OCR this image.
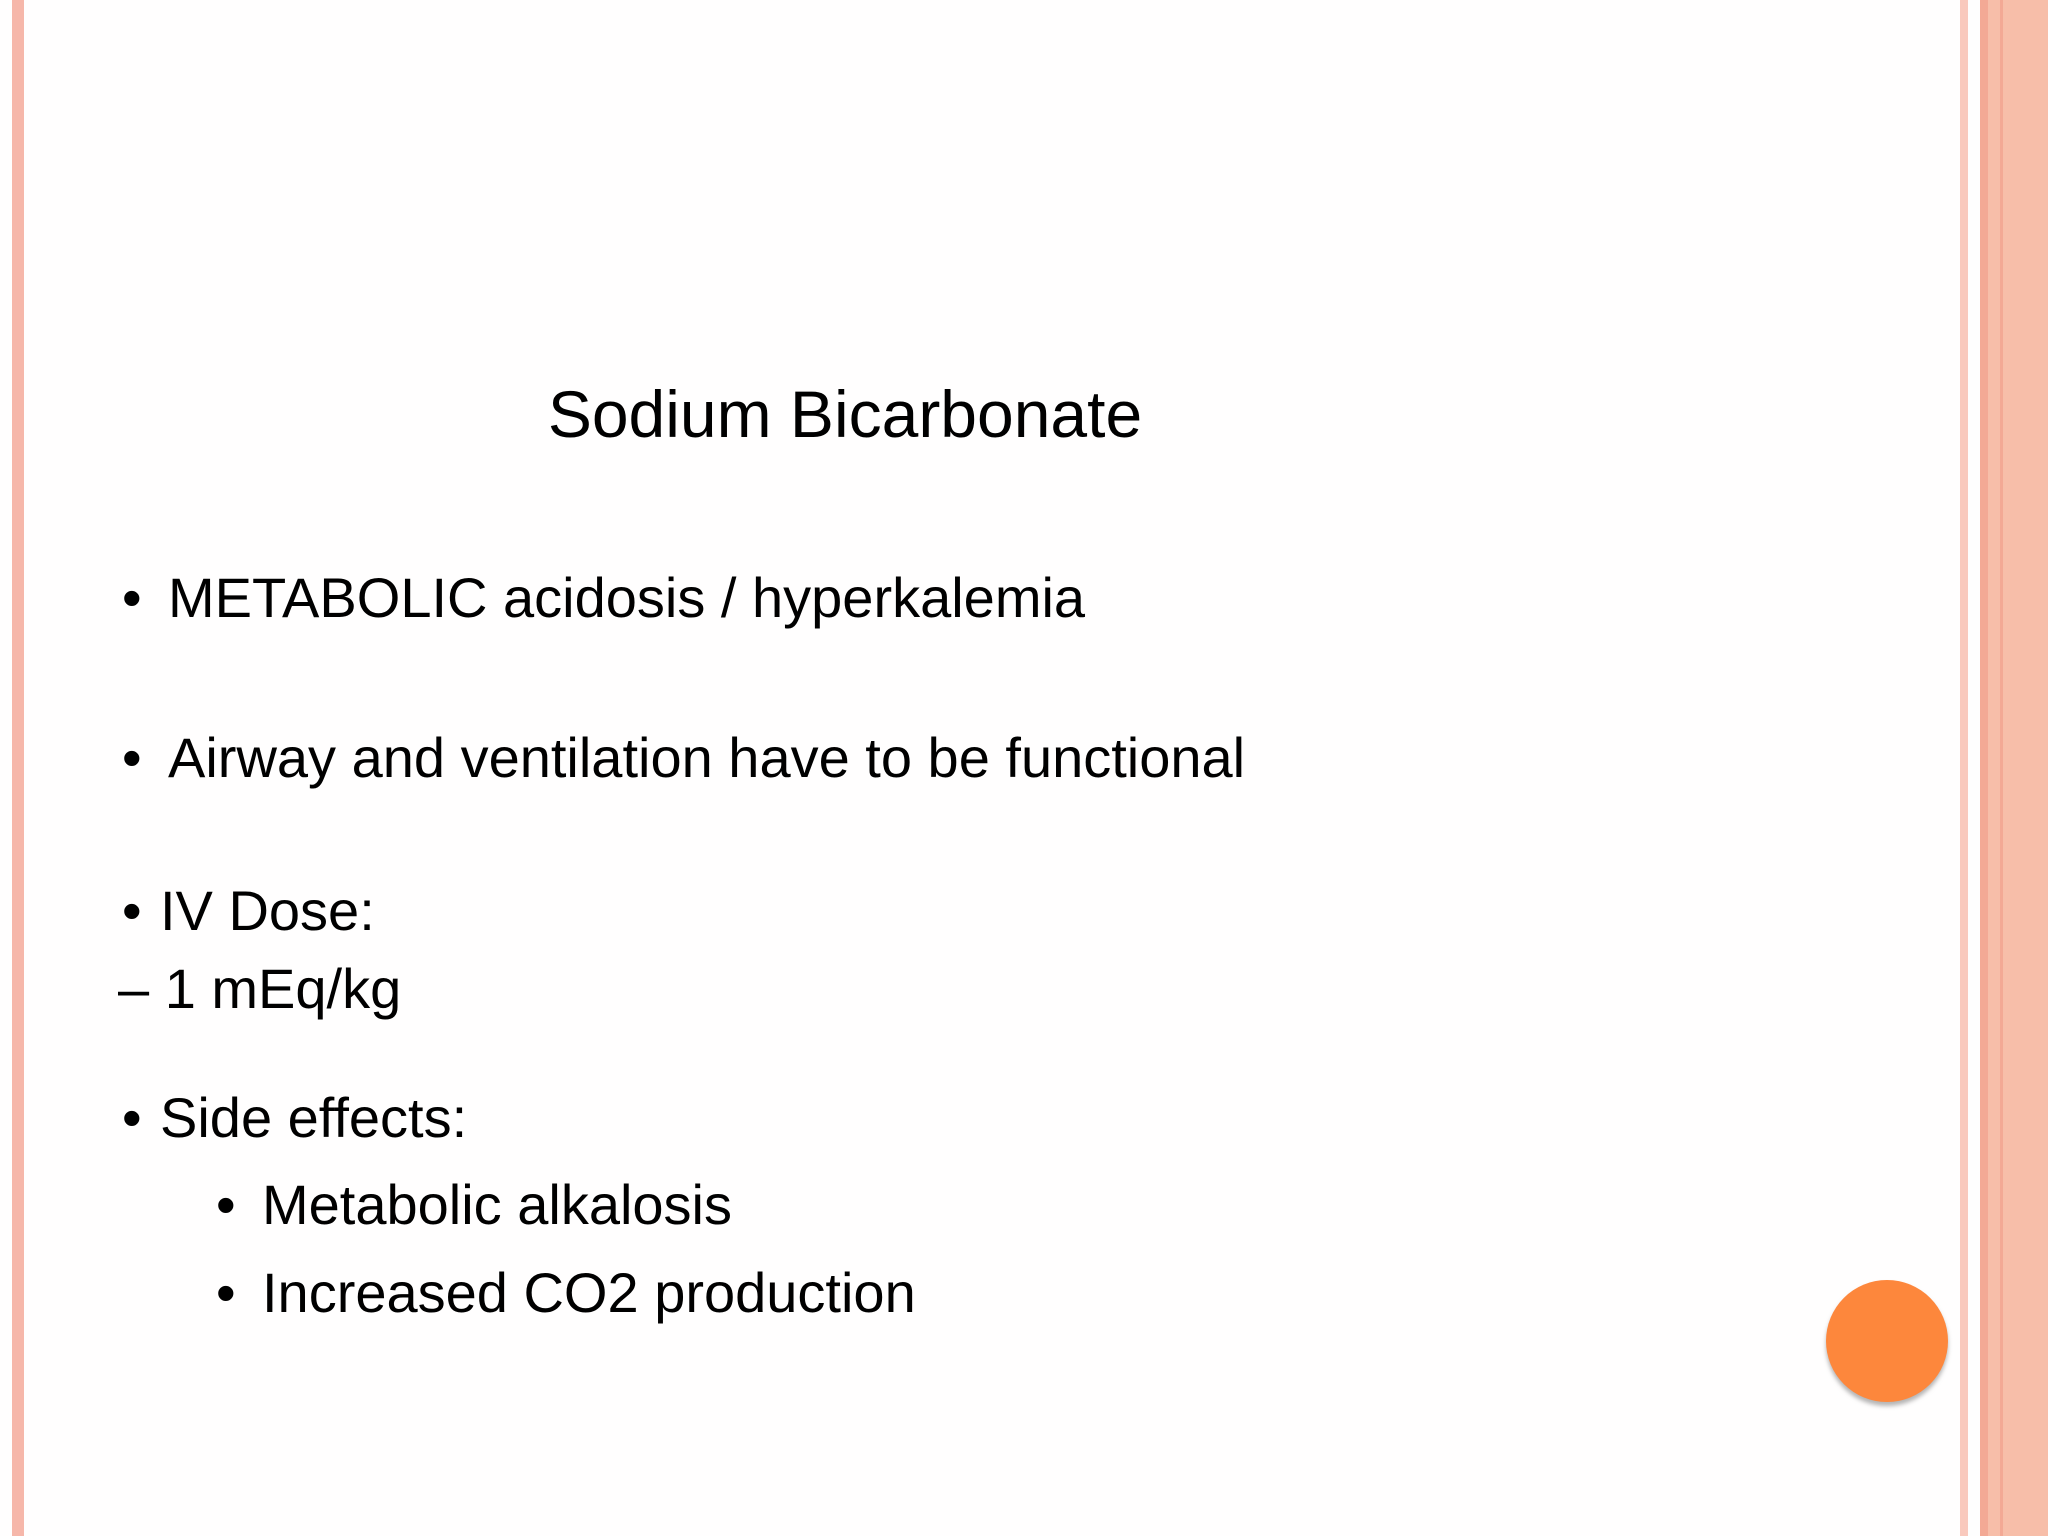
Sodium Bicarbonate
• METABOLIC acidosis / hyperkalemia
• Airway and ventilation have to be functional
• IV Dose:
– 1 mEq/kg
• Side effects:
• Metabolic alkalosis
• Increased CO2 production
